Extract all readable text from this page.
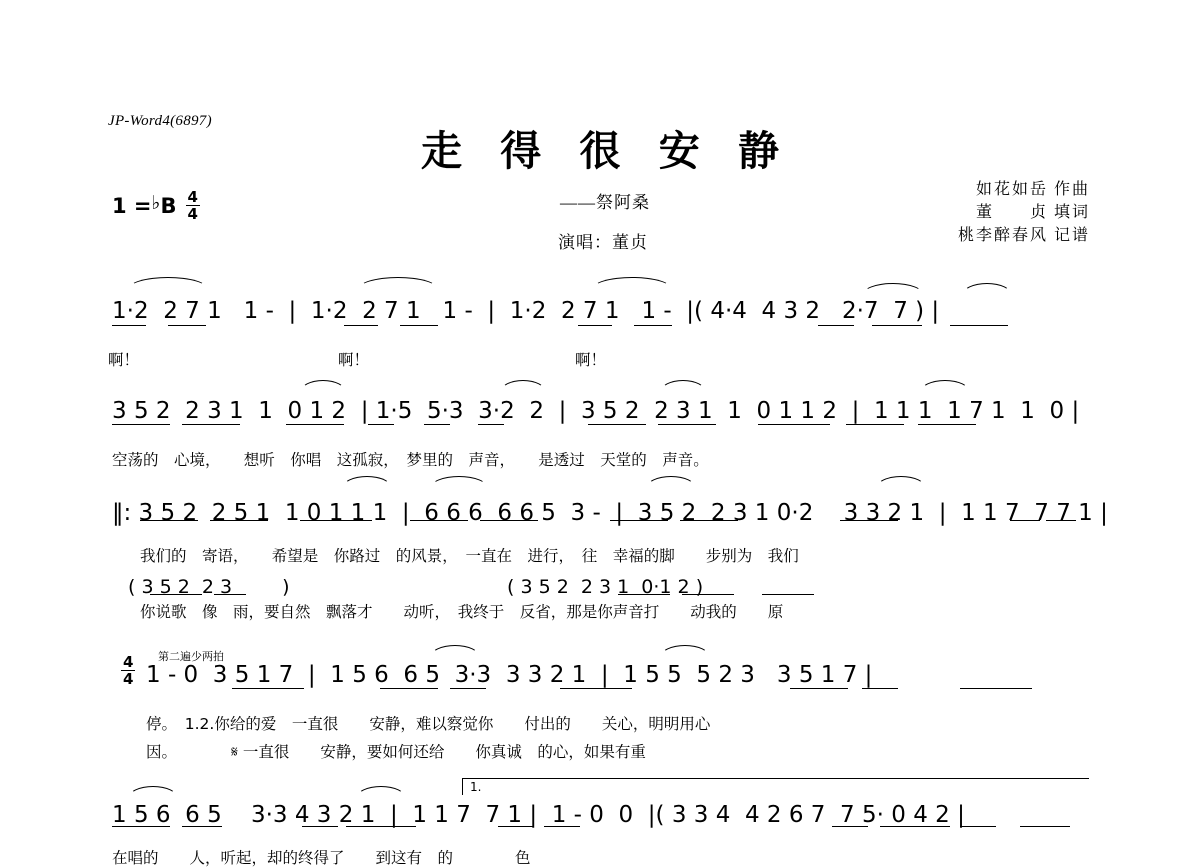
JP-Word4(6897)
走 得 很 安 静
——祭阿桑
演唱：董贞
如花如岳 作曲
董　　贞 填词
桃李醉春风 记谱
1 = ♭ B $\frac{4}{4}$
1·2  2 7 1   1 -  |  1·2  2 7 1   1 -  |  1·2  2 7 1   1 -  |( 4·4  4 3 2   2·7  7 ) |
啊！	啊！	啊！
3 5 2  2 3 1  1  0 1 2  | 1·5  5·3  3·2  2  |  3 5 2  2 3 1  1  0 1 1 2  |  1 1 1  1 7 1  1  0 |
空荡的　心境，　　想听　你唱　这孤寂，　梦里的　声音，　　是透过　天堂的　声音。
‖: 3 5 2  2 5 1  1 0 1 1 1  |  6 6 6  6 6 5  3 -  |  3 5 2  2 3 1 0·2　 3 3 2 1  |  1 1 7  7 7 1 |
我们的　寄语，　　希望是　你路过　的风景，　一直在　进行，　往　幸福的脚　　步别为　我们
( 3 5 2  2 3  　　)                                    ( 3 5 2  2 3 1  0·1 2 )
你说歌　像　雨，要自然　飘落才　　动听，　我终于　反省，那是你声音打　　动我的　　原
第二遍少两拍
$\frac{4}{4} 1 - 0$  3 5 1 7  |  1 5 6  6 5  3·3  3 3 2 1  |  1 5 5  5 2 3   3 5 1 7 |
停。　1.2.你给的爱　一直很　　安静，难以察觉你　　付出的　　关心，明明用心
因。　　　　𝄋 一直很　　安静，要如何还给　　你真诚　的心，如果有重
1.
1 5 6  6 5    3·3 4 3 2 1  |  1 1 7  7 1 |  1 - 0  0  |( 3 3 4  4 2 6 7  7 5· 0 4 2 |
在唱的　　人，听起，却的终得了　　到这有　的　　　　色
